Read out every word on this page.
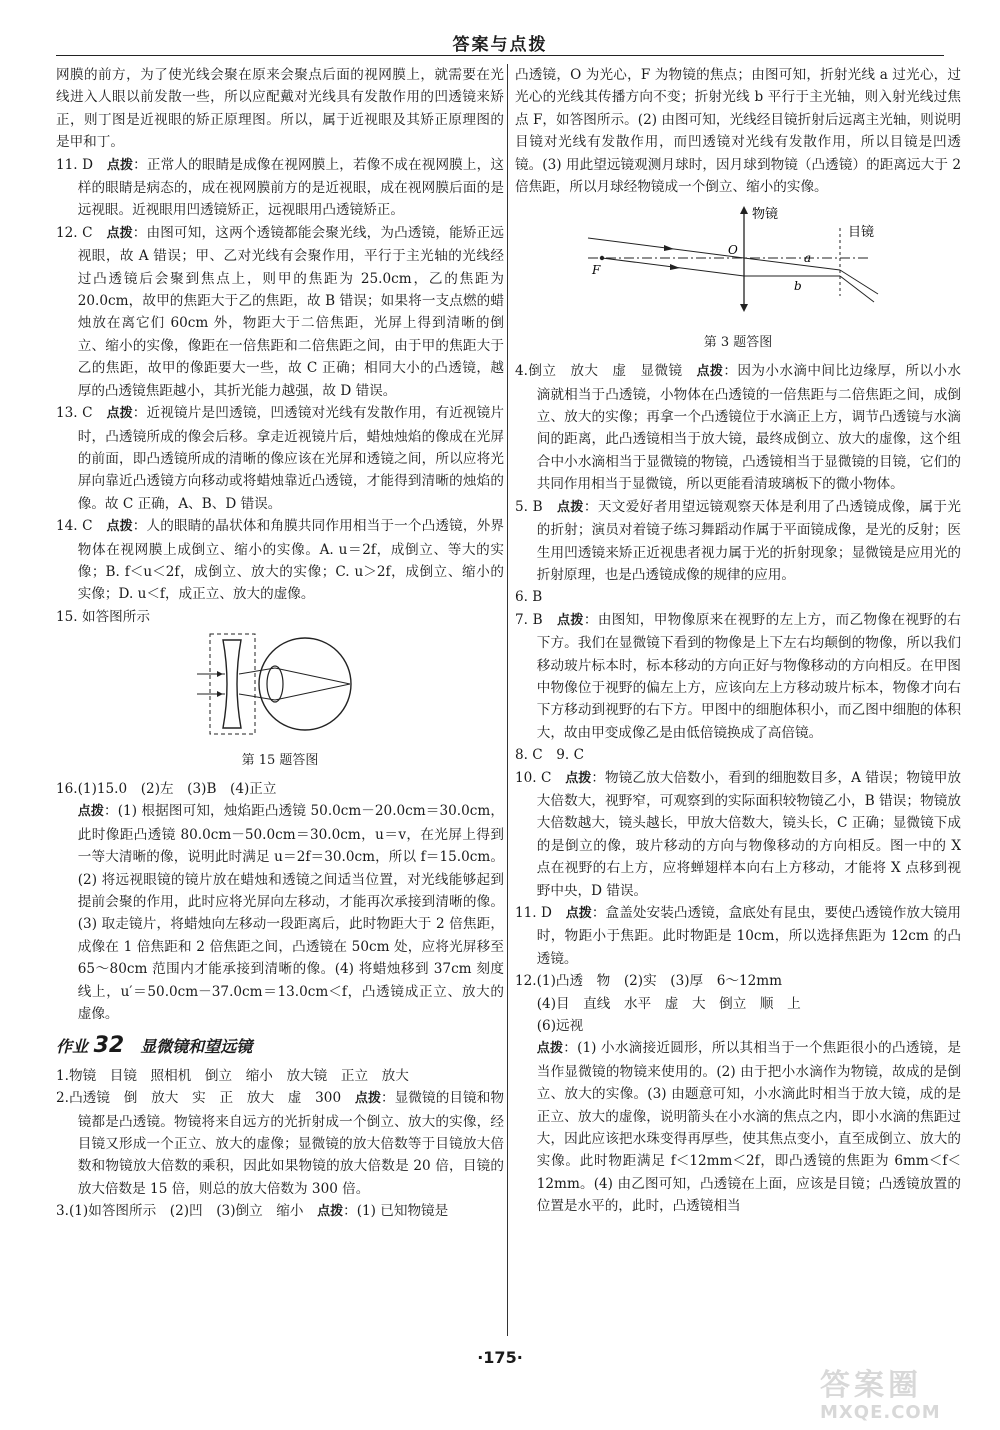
答案与点拨

网膜的前方，为了使光线会聚在原来会聚点后面的视网膜上，就需要在光线进入人眼以前发散一些，所以应配戴对光线具有发散作用的凹透镜来矫正，则丁图是近视眼的矫正原理图。所以，属于近视眼及其矫正原理图的是甲和丁。

11. D　 点拨：正常人的眼睛是成像在视网膜上，若像不成在视网膜上，这样的眼睛是病态的，成在视网膜前方的是近视眼，成在视网膜后面的是远视眼。近视眼用凹透镜矫正，远视眼用凸透镜矫正。

12. C　 点拨：由图可知，这两个透镜都能会聚光线，为凸透镜，能矫正远视眼，故 A 错误；甲、乙对光线有会聚作用，平行于主光轴的光线经过凸透镜后会聚到焦点上，则甲的焦距为 25.0cm，乙的焦距为 20.0cm，故甲的焦距大于乙的焦距，故 B 错误；如果将一支点燃的蜡烛放在离它们 60cm 外，物距大于二倍焦距，光屏上得到清晰的倒立、缩小的实像，像距在一倍焦距和二倍焦距之间，由于甲的焦距大于乙的焦距，故甲的像距要大一些，故 C 正确；相同大小的凸透镜，越厚的凸透镜焦距越小，其折光能力越强，故 D 错误。

13. C　 点拨：近视镜片是凹透镜，凹透镜对光线有发散作用，有近视镜片时，凸透镜所成的像会后移。拿走近视镜片后，蜡烛烛焰的像成在光屏的前面，即凸透镜所成的清晰的像应该在光屏和透镜之间，所以应将光屏向靠近凸透镜方向移动或将蜡烛靠近凸透镜，才能得到清晰的烛焰的像。故 C 正确，A、B、D 错误。

14. C　 点拨：人的眼睛的晶状体和角膜共同作用相当于一个凸透镜，外界物体在视网膜上成倒立、缩小的实像。A. u＝2f，成倒立、等大的实像；B. f＜u＜2f，成倒立、放大的实像；C. u＞2f，成倒立、缩小的实像；D. u＜f，成正立、放大的虚像。

15. 如答图所示

第 15 题答图

16.(1)15.0　(2)左　(3)B　(4)正立

点拨：(1) 根据图可知，烛焰距凸透镜 50.0cm－20.0cm＝30.0cm，此时像距凸透镜 80.0cm－50.0cm＝30.0cm，u＝v，在光屏上得到一等大清晰的像，说明此时满足 u＝2f＝30.0cm，所以 f＝15.0cm。(2) 将远视眼镜的镜片放在蜡烛和透镜之间适当位置，对光线能够起到提前会聚的作用，此时应将光屏向左移动，才能再次承接到清晰的像。(3) 取走镜片，将蜡烛向左移动一段距离后，此时物距大于 2 倍焦距，成像在 1 倍焦距和 2 倍焦距之间，凸透镜在 50cm 处，应将光屏移至 65～80cm 范围内才能承接到清晰的像。(4) 将蜡烛移到 37cm 刻度线上，u′＝50.0cm－37.0cm＝13.0cm＜f，凸透镜成正立、放大的虚像。

作业 32　 显微镜和望远镜

1.物镜　目镜　照相机　倒立　缩小　放大镜　正立　放大

2.凸透镜　倒　放大　实　正　放大　虚　300　 点拨：显微镜的目镜和物镜都是凸透镜。物镜将来自远方的光折射成一个倒立、放大的实像，经目镜又形成一个正立、放大的虚像；显微镜的放大倍数等于目镜放大倍数和物镜放大倍数的乘积，因此如果物镜的放大倍数是 20 倍，目镜的放大倍数是 15 倍，则总的放大倍数为 300 倍。

3.(1)如答图所示　(2)凹　(3)倒立　缩小　 点拨：(1) 已知物镜是

凸透镜，O 为光心，F 为物镜的焦点；由图可知，折射光线 a 过光心，过光心的光线其传播方向不变；折射光线 b 平行于主光轴，则入射光线过焦点 F，如答图所示。(2) 由图可知，光线经目镜折射后远离主光轴，则说明目镜对光线有发散作用，而凹透镜对光线有发散作用，所以目镜是凹透镜。(3) 用此望远镜观测月球时，因月球到物镜（凸透镜）的距离远大于 2 倍焦距，所以月球经物镜成一个倒立、缩小的实像。

物镜
目镜
O
F
a
b

第 3 题答图

4.倒立　放大　虚　显微镜　 点拨：因为小水滴中间比边缘厚，所以小水滴就相当于凸透镜，小物体在凸透镜的一倍焦距与二倍焦距之间，成倒立、放大的实像；再拿一个凸透镜位于水滴正上方，调节凸透镜与水滴间的距离，此凸透镜相当于放大镜，最终成倒立、放大的虚像，这个组合中小水滴相当于显微镜的物镜，凸透镜相当于显微镜的目镜，它们的共同作用相当于显微镜，所以更能看清玻璃板下的微小物体。

5. B　 点拨：天文爱好者用望远镜观察天体是利用了凸透镜成像，属于光的折射；演员对着镜子练习舞蹈动作属于平面镜成像，是光的反射；医生用凹透镜来矫正近视患者视力属于光的折射现象；显微镜是应用光的折射原理，也是凸透镜成像的规律的应用。

6. B

7. B　 点拨：由图知，甲物像原来在视野的左上方，而乙物像在视野的右下方。我们在显微镜下看到的物像是上下左右均颠倒的物像，所以我们移动玻片标本时，标本移动的方向正好与物像移动的方向相反。在甲图中物像位于视野的偏左上方，应该向左上方移动玻片标本，物像才向右下方移动到视野的右下方。甲图中的细胞体积小，而乙图中细胞的体积大，故由甲变成像乙是由低倍镜换成了高倍镜。

8. C　9. C

10. C　 点拨：物镜乙放大倍数小，看到的细胞数目多，A 错误；物镜甲放大倍数大，视野窄，可观察到的实际面积较物镜乙小，B 错误；物镜放大倍数越大，镜头越长，甲放大倍数大，镜头长，C 正确；显微镜下成的是倒立的像，玻片移动的方向与物像移动的方向相反。图一中的 X 点在视野的右上方，应将蝉翅样本向右上方移动，才能将 X 点移到视野中央，D 错误。

11. D　 点拨：盒盖处安装凸透镜，盒底处有昆虫，要使凸透镜作放大镜用时，物距小于焦距。此时物距是 10cm，所以选择焦距为 12cm 的凸透镜。

12.(1)凸透　物　(2)实　(3)厚　6～12mm

(4)目　直线　水平　虚　大　倒立　顺　上

(6)远视

点拨：(1) 小水滴接近圆形，所以其相当于一个焦距很小的凸透镜，是当作显微镜的物镜来使用的。(2) 由于把小水滴作为物镜，故成的是倒立、放大的实像。(3) 由题意可知，小水滴此时相当于放大镜，成的是正立、放大的虚像，说明箭头在小水滴的焦点之内，即小水滴的焦距过大，因此应该把水珠变得再厚些，使其焦点变小，直至成倒立、放大的实像。此时物距满足 f＜12mm＜2f，即凸透镜的焦距为 6mm＜f＜12mm。(4) 由乙图可知，凸透镜在上面，应该是目镜；凸透镜放置的位置是水平的，此时，凸透镜相当

·175·
答案圈
MXQE.COM
